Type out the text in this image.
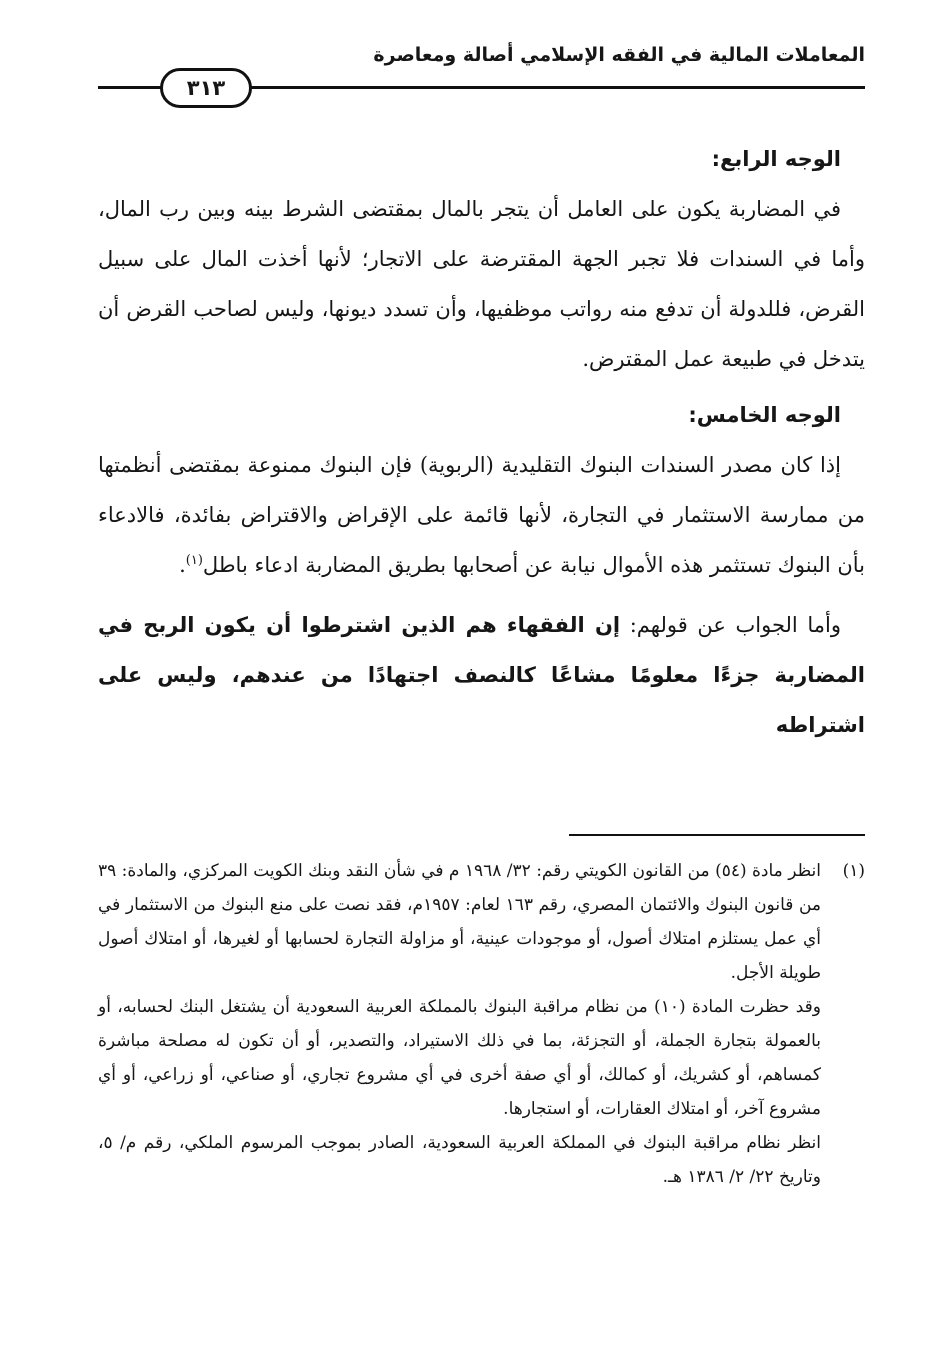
المعاملات المالية في الفقه الإسلامي أصالة ومعاصرة
٣١٣

الوجه الرابع:

في المضاربة يكون على العامل أن يتجر بالمال بمقتضى الشرط بينه وبين رب المال، وأما في السندات فلا تجبر الجهة المقترضة على الاتجار؛ لأنها أخذت المال على سبيل القرض، فللدولة أن تدفع منه رواتب موظفيها، وأن تسدد ديونها، وليس لصاحب القرض أن يتدخل في طبيعة عمل المقترض.

الوجه الخامس:

إذا كان مصدر السندات البنوك التقليدية (الربوية) فإن البنوك ممنوعة بمقتضى أنظمتها من ممارسة الاستثمار في التجارة، لأنها قائمة على الإقراض والاقتراض بفائدة، فالادعاء بأن البنوك تستثمر هذه الأموال نيابة عن أصحابها بطريق المضاربة ادعاء باطل$^{(١)}$.

وأما الجواب عن قولهم: إن الفقهاء هم الذين اشترطوا أن يكون الربح في المضاربة جزءًا معلومًا مشاعًا كالنصف اجتهادًا من عندهم، وليس على اشتراطه

(١)

انظر مادة (٥٤) من القانون الكويتي رقم: ٣٢/ ١٩٦٨ م في شأن النقد وبنك الكويت المركزي، والمادة: ٣٩ من قانون البنوك والائتمان المصري، رقم ١٦٣ لعام: ١٩٥٧م، فقد نصت على منع البنوك من الاستثمار في أي عمل يستلزم امتلاك أصول، أو موجودات عينية، أو مزاولة التجارة لحسابها أو لغيرها، أو امتلاك أصول طويلة الأجل.

وقد حظرت المادة (١٠) من نظام مراقبة البنوك بالمملكة العربية السعودية أن يشتغل البنك لحسابه، أو بالعمولة بتجارة الجملة، أو التجزئة، بما في ذلك الاستيراد، والتصدير، أو أن تكون له مصلحة مباشرة كمساهم، أو كشريك، أو كمالك، أو أي صفة أخرى في أي مشروع تجاري، أو صناعي، أو زراعي، أو أي مشروع آخر، أو امتلاك العقارات، أو استجارها.

انظر نظام مراقبة البنوك في المملكة العربية السعودية، الصادر بموجب المرسوم الملكي، رقم م/ ٥، وتاريخ ٢٢/ ٢/ ١٣٨٦ هـ.
